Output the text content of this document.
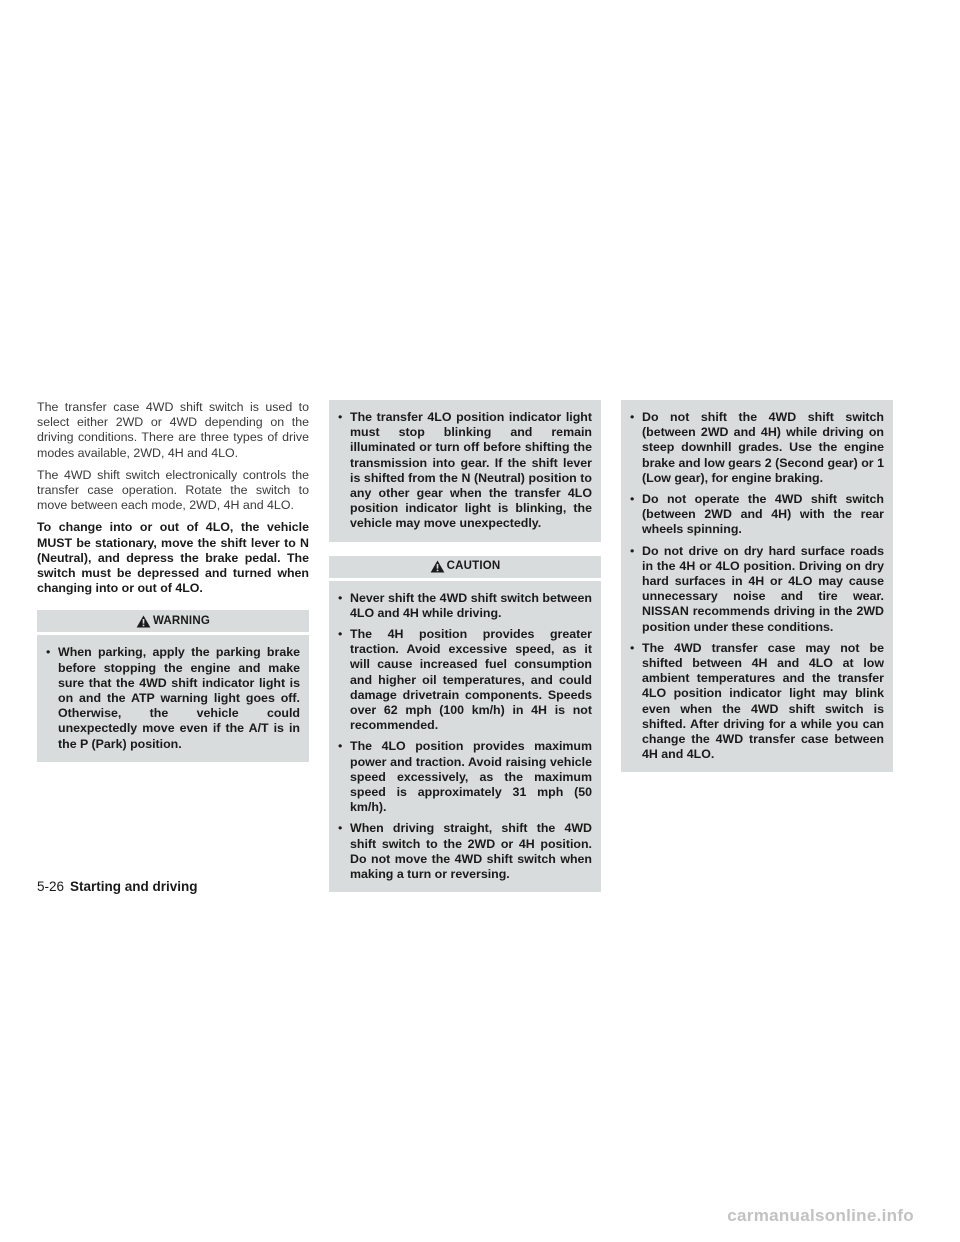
The transfer case 4WD shift switch is used to select either 2WD or 4WD depending on the driving conditions. There are three types of drive modes available, 2WD, 4H and 4LO.

The 4WD shift switch electronically controls the transfer case operation. Rotate the switch to move between each mode, 2WD, 4H and 4LO.

To change into or out of 4LO, the vehicle MUST be stationary, move the shift lever to N (Neutral), and depress the brake pedal. The switch must be depressed and turned when changing into or out of 4LO.

WARNING
• When parking, apply the parking brake before stopping the engine and make sure that the 4WD shift indicator light is on and the ATP warning light goes off. Otherwise, the vehicle could unexpectedly move even if the A/T is in the P (Park) position.
• The transfer 4LO position indicator light must stop blinking and remain illuminated or turn off before shifting the transmission into gear. If the shift lever is shifted from the N (Neutral) position to any other gear when the transfer 4LO position indicator light is blinking, the vehicle may move unexpectedly.
CAUTION
• Never shift the 4WD shift switch between 4LO and 4H while driving.
• The 4H position provides greater traction. Avoid excessive speed, as it will cause increased fuel consumption and higher oil temperatures, and could damage drivetrain components. Speeds over 62 mph (100 km/h) in 4H is not recommended.
• The 4LO position provides maximum power and traction. Avoid raising vehicle speed excessively, as the maximum speed is approximately 31 mph (50 km/h).
• When driving straight, shift the 4WD shift switch to the 2WD or 4H position. Do not move the 4WD shift switch when making a turn or reversing.
• Do not shift the 4WD shift switch (between 2WD and 4H) while driving on steep downhill grades. Use the engine brake and low gears 2 (Second gear) or 1 (Low gear), for engine braking.
• Do not operate the 4WD shift switch (between 2WD and 4H) with the rear wheels spinning.
• Do not drive on dry hard surface roads in the 4H or 4LO position. Driving on dry hard surfaces in 4H or 4LO may cause unnecessary noise and tire wear. NISSAN recommends driving in the 2WD position under these conditions.
• The 4WD transfer case may not be shifted between 4H and 4LO at low ambient temperatures and the transfer 4LO position indicator light may blink even when the 4WD shift switch is shifted. After driving for a while you can change the 4WD transfer case between 4H and 4LO.
5-26 Starting and driving
carmanualsonline.info
